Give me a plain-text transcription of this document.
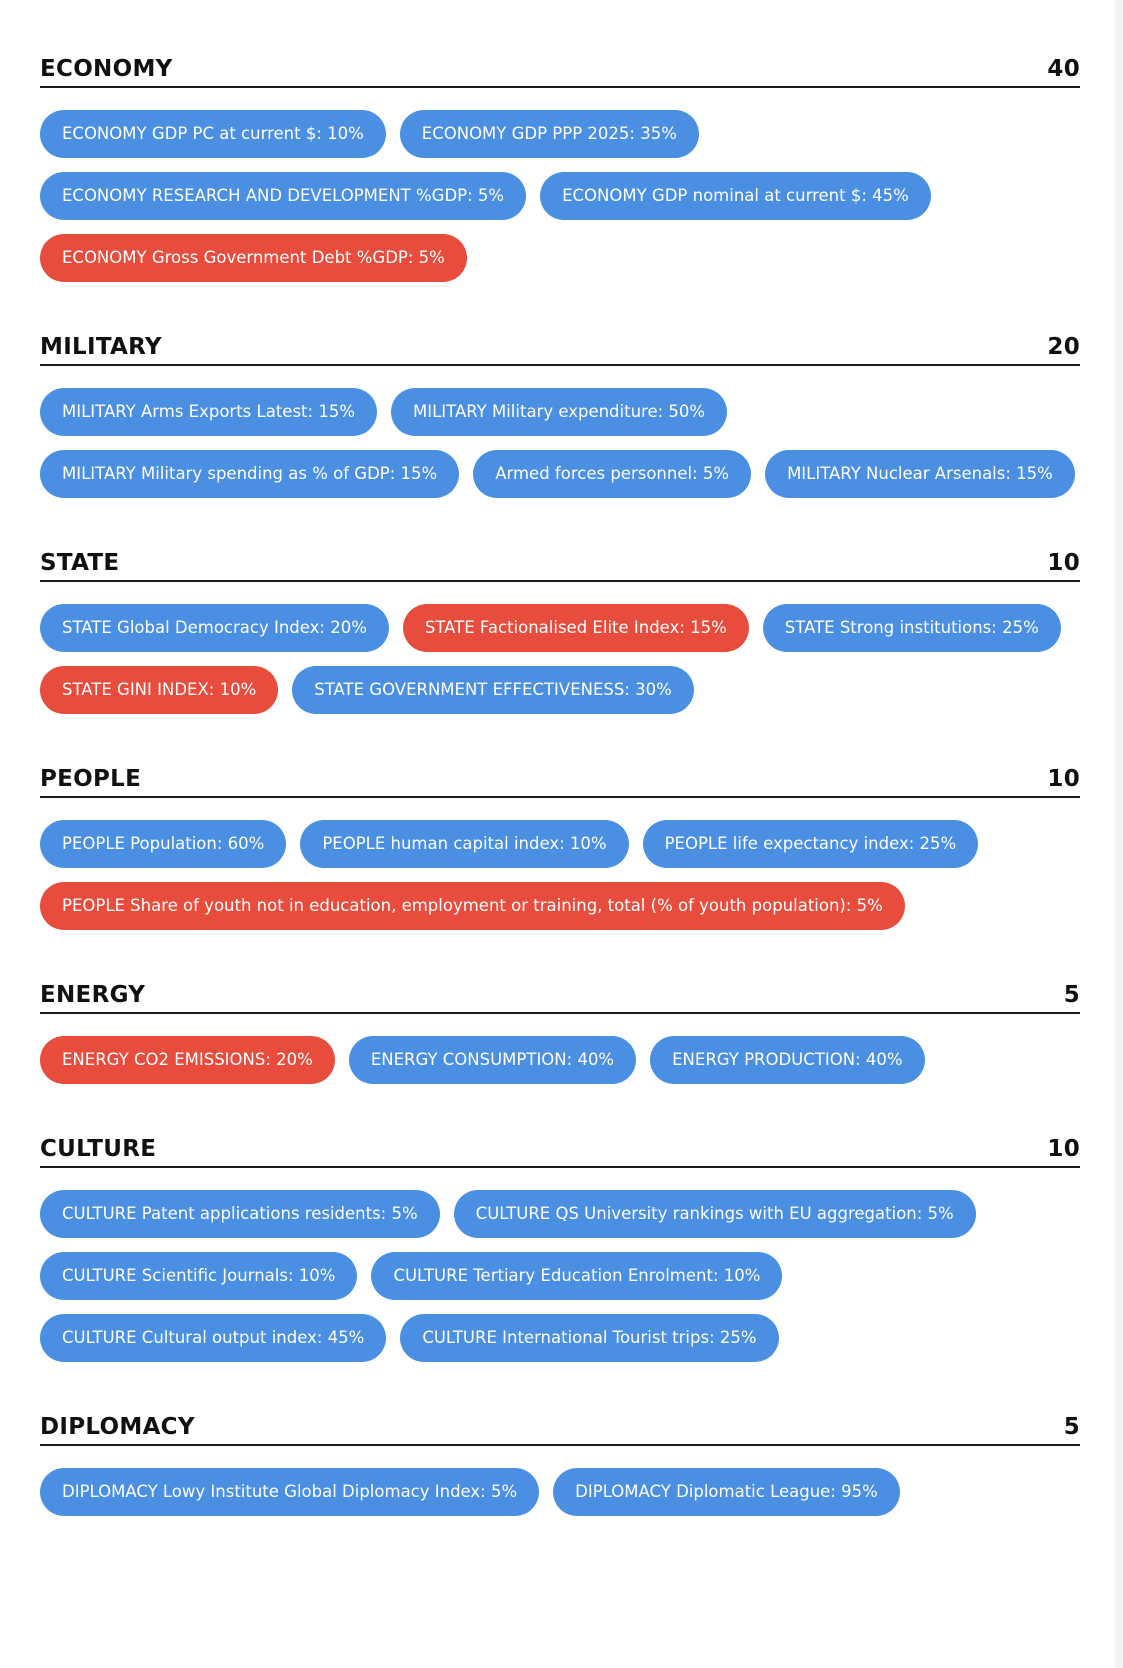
ECONOMY	40
ECONOMY GDP PC at current $: 10%	ECONOMY GDP PPP 2025: 35%
ECONOMY RESEARCH AND DEVELOPMENT %GDP: 5%	ECONOMY GDP nominal at current $: 45%
ECONOMY Gross Government Debt %GDP: 5%
MILITARY	20
MILITARY Arms Exports Latest: 15%	MILITARY Military expenditure: 50%
MILITARY Military spending as % of GDP: 15%	Armed forces personnel: 5%	MILITARY Nuclear Arsenals: 15%
STATE	10
STATE Global Democracy Index: 20%	STATE Factionalised Elite Index: 15%	STATE Strong institutions: 25%
STATE GINI INDEX: 10%	STATE GOVERNMENT EFFECTIVENESS: 30%
PEOPLE	10
PEOPLE Population: 60%	PEOPLE human capital index: 10%	PEOPLE life expectancy index: 25%
PEOPLE Share of youth not in education, employment or training, total (% of youth population): 5%
ENERGY	5
ENERGY CO2 EMISSIONS: 20%	ENERGY CONSUMPTION: 40%	ENERGY PRODUCTION: 40%
CULTURE	10
CULTURE Patent applications residents: 5%	CULTURE QS University rankings with EU aggregation: 5%
CULTURE Scientific Journals: 10%	CULTURE Tertiary Education Enrolment: 10%
CULTURE Cultural output index: 45%	CULTURE International Tourist trips: 25%
DIPLOMACY	5
DIPLOMACY Lowy Institute Global Diplomacy Index: 5%	DIPLOMACY Diplomatic League: 95%
